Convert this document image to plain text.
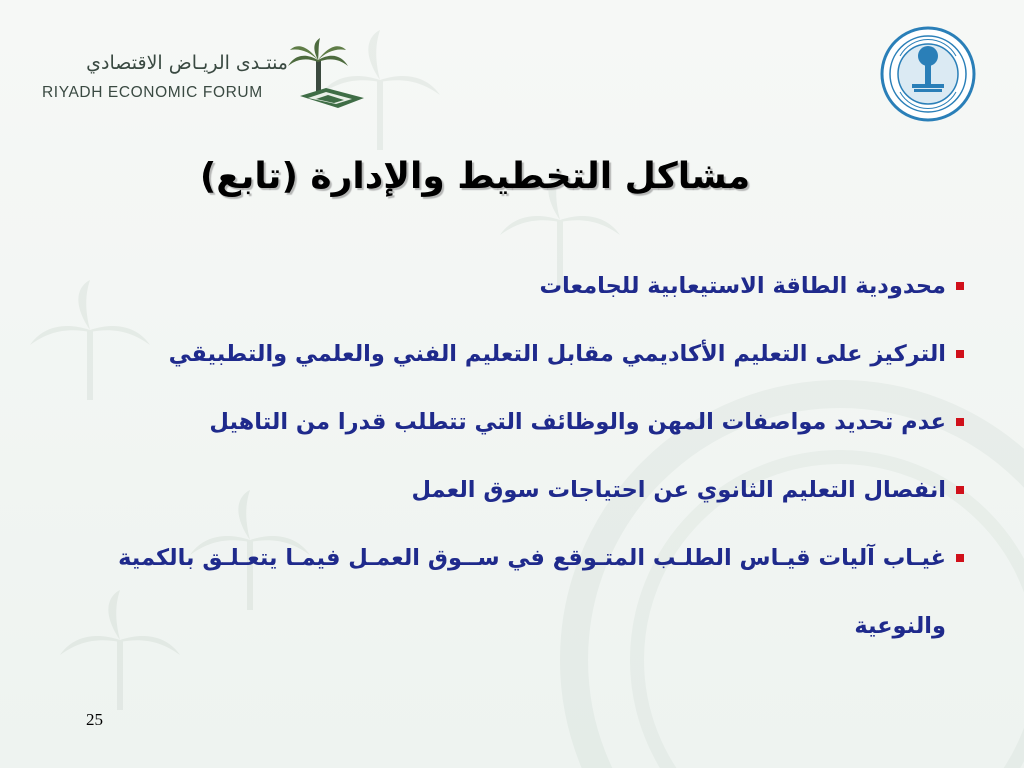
منتـدى الريـاض الاقتصادي
RIYADH ECONOMIC FORUM
مشاكل التخطيط والإدارة (تابع)
محدودية الطاقة الاستيعابية للجامعات
التركيز على التعليم الأكاديمي مقابل التعليم الفني والعلمي والتطبيقي
عدم تحديد مواصفات المهن والوظائف التي تتطلب قدرا من التاهيل
انفصال التعليم الثانوي عن احتياجات سوق العمل
غيـاب آليات قيـاس الطلـب المتـوقع في ســوق العمـل فيمـا يتعـلـق بالكمية والنوعية
25
